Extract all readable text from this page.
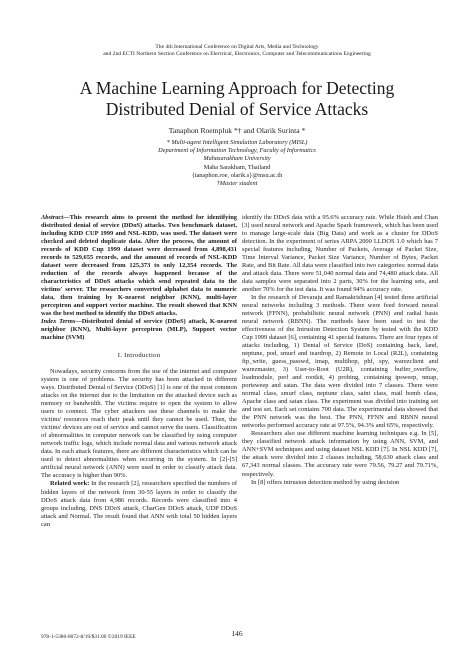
The 4th International Conference on Digital Arts, Media and Technology
and 2nd ECTI Northern Section Conference on Electrical, Electronics, Computer and Telecommunications Engineering
A Machine Learning Approach for Detecting
Distributed Denial of Service Attacks
Tanaphon Roempluk *† and Olarik Surinta *
* Multi-agent Intelligent Simulation Laboratory (MISL)
Department of Information Technology, Faculty of Informatics
Mahasarakham University
Maha Sarakham, Thailand
{tanaphon.roe, olarik.s}@msu.ac.th
†Master student

Abstract—This research aims to present the method for identifying distributed denial of service (DDoS) attacks. Two benchmark dataset, including KDD CUP 1999 and NSL-KDD, was used. The dataset were checked and deleted duplicate data. After the process, the amount of records of KDD Cup 1999 dataset were decreased from 4,898,431 records to 529,655 records, and the amount of records of NSL-KDD dataset were decreased from 125,373 to only 12,354 records. The reduction of the records always happened because of the characteristics of DDoS attacks which send repeated data to the victims' server. The researchers converted alphabet data to numeric data, then training by K-nearest neighbor (KNN), multi-layer perceptron and support vector machine. The result showed that KNN was the best method to identify the DDoS attacks.

Index Terms—Distributed denial of service (DDoS) attack, K-nearest neighbor (KNN), Multi-layer perceptron (MLP), Support vector machine (SVM)

I. Introduction

Nowadays, security concerns from the use of the internet and computer system is one of problems. The security has been attacked in different ways. Distributed Denial of Service (DDoS) [1] is one of the most common attacks on the internet due to the limitation on the attacked device such as memory or bandwidth. The victims require to open the system to allow users to connect. The cyber attackers use these channels to make the victims' resources reach their peak until they cannot be used. Then, the victims' devices are out of service and cannot serve the users. Classification of abnormalities in computer network can be classified by using computer network traffic logs, which include normal data and various network attack data. In each attack features, there are different characteristics which can be used to detect abnormalities when occurring in the system. In [2]-[5] artificial neural network (ANN) were used in order to classify attack data. The accuracy is higher than 90%.

Related work: In the research [2], researchers specified the numbers of hidden layers of the network from 30-55 layers in order to classify the DDoS attack data from 4,986 records. Records were classified into 4 groups including, DNS DDoS attack, CharGen DDoS attack, UDP DDoS attack and Normal. The result found that ANN with total 50 hidden layers can

identify the DDoS data with a 95.6% accuracy rate. While Hsieh and Chan [3] used neural network and Apache Spark framework, which has been used to manage large-scale data (Big Data) and work as a cluster for DDoS detection. In the experiment of series ARPA 2000 LLDOS 1.0 which has 7 special features including, Number of Packets, Average of Packet Size, Time Interval Variance, Packet Size Variance, Number of Bytes, Packet Rate, and Bit Rate. All data were classified into two categories: normal data and attack data. There were 51,040 normal data and 74,480 attack data. All data samples were separated into 2 parts, 30% for the learning sets, and another 70% for the test data. It was found 94% accuracy rate.

In the research of Devaraju and Ramakrishnan [4] tested three artificial neural networks including 3 methods. There were feed forward neural network (FFNN), probabilistic neural network (PNN) and radial basis neural network (RBNN). The methods have been used to test the effectiveness of the Intrusion Detection System by tested with the KDD Cup 1999 dataset [6], containing 41 special features. There are four types of attacks including, 1) Denial of Service (DoS) containing back, land, neptune, pod, smurf and teardrop, 2) Remote to Local (R2L), containing ftp_write, guess_passwd, imap, multihop, phf, spy, warezclient and warezmaster, 3) User-to-Root (U2R), containing buffer_overflow, loadmodule, perl and rootkit, 4) probing, containing ipsweep, nmap, portsweep and satan. The data were divided into 7 classes. There were normal class, smurf class, neptune class, saint class, mail bomb class, Apache class and satan class. The experiment was divided into training set and test set. Each set contains 700 data. The experimental data showed that the PNN network was the best. The PNN, FFNN and RBNN neural networks performed accuracy rate at 97.5%, 94.3% and 65%, respectively.

Researchers also use different machine learning techniques e.g. In [5], they classified network attack information by using ANN, SVM, and ANN+SVM techniques and using dataset NSL KDD [7]. In NSL KDD [7], the attack were divided into 2 classes including, 58,630 attack class and 67,343 normal classes. The accuracy rate were 79.56, 79.27 and 79.71%, respectively.

In [8] offers intrusion detection method by using decision

978-1-5386-8072-8/19/$31.00 ©2019 IEEE	146
